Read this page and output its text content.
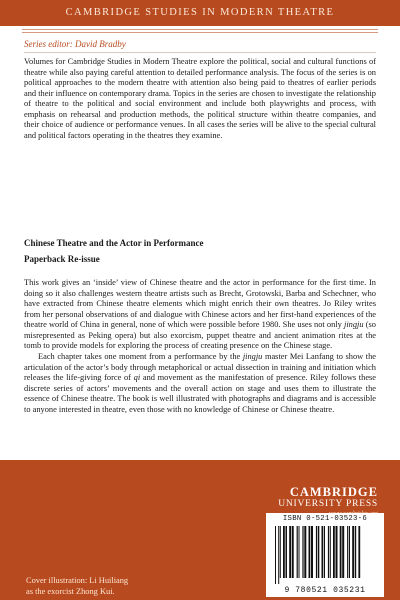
CAMBRIDGE STUDIES IN MODERN THEATRE
Series editor: David Bradby

Volumes for Cambridge Studies in Modern Theatre explore the political, social and cultural functions of theatre while also paying careful attention to detailed performance analysis. The focus of the series is on political approaches to the modern theatre with attention also being paid to theatres of earlier periods and their influence on contemporary drama. Topics in the series are chosen to investigate the relationship of theatre to the political and social environment and include both playwrights and process, with emphasis on rehearsal and production methods, the political structure within theatre companies, and their choice of audience or performance venues. In all cases the series will be alive to the special cultural and political factors operating in the theatres they examine.

Chinese Theatre and the Actor in Performance

Paperback Re-issue

This work gives an ‘inside’ view of Chinese theatre and the actor in performance for the first time. In doing so it also challenges western theatre artists such as Brecht, Grotowski, Barba and Schechner, who have extracted from Chinese theatre elements which might enrich their own theatres. Jo Riley writes from her personal observations of and dialogue with Chinese actors and her first-hand experiences of the theatre world of China in general, none of which were possible before 1980. She uses not only jingju (so misrepresented as Peking opera) but also exorcism, puppet theatre and ancient animation rites at the tomb to provide models for exploring the process of creating presence on the Chinese stage.

Each chapter takes one moment from a performance by the jingju master Mei Lanfang to show the articulation of the actor’s body through metaphorical or actual dissection in training and initiation which releases the life-giving force of qi and movement as the manifestation of presence. Riley follows these discrete series of actors’ movements and the overall action on stage and uses them to illustrate the essence of Chinese theatre. The book is well illustrated with photographs and diagrams and is accessible to anyone interested in theatre, even those with no knowledge of Chinese or Chinese theatre.

CAMBRIDGE
UNIVERSITY PRESS
ISBN 0-521-03523-6
9 780521 035231
Cover illustration: Li Huiliang
as the exorcist Zhong Kui.
